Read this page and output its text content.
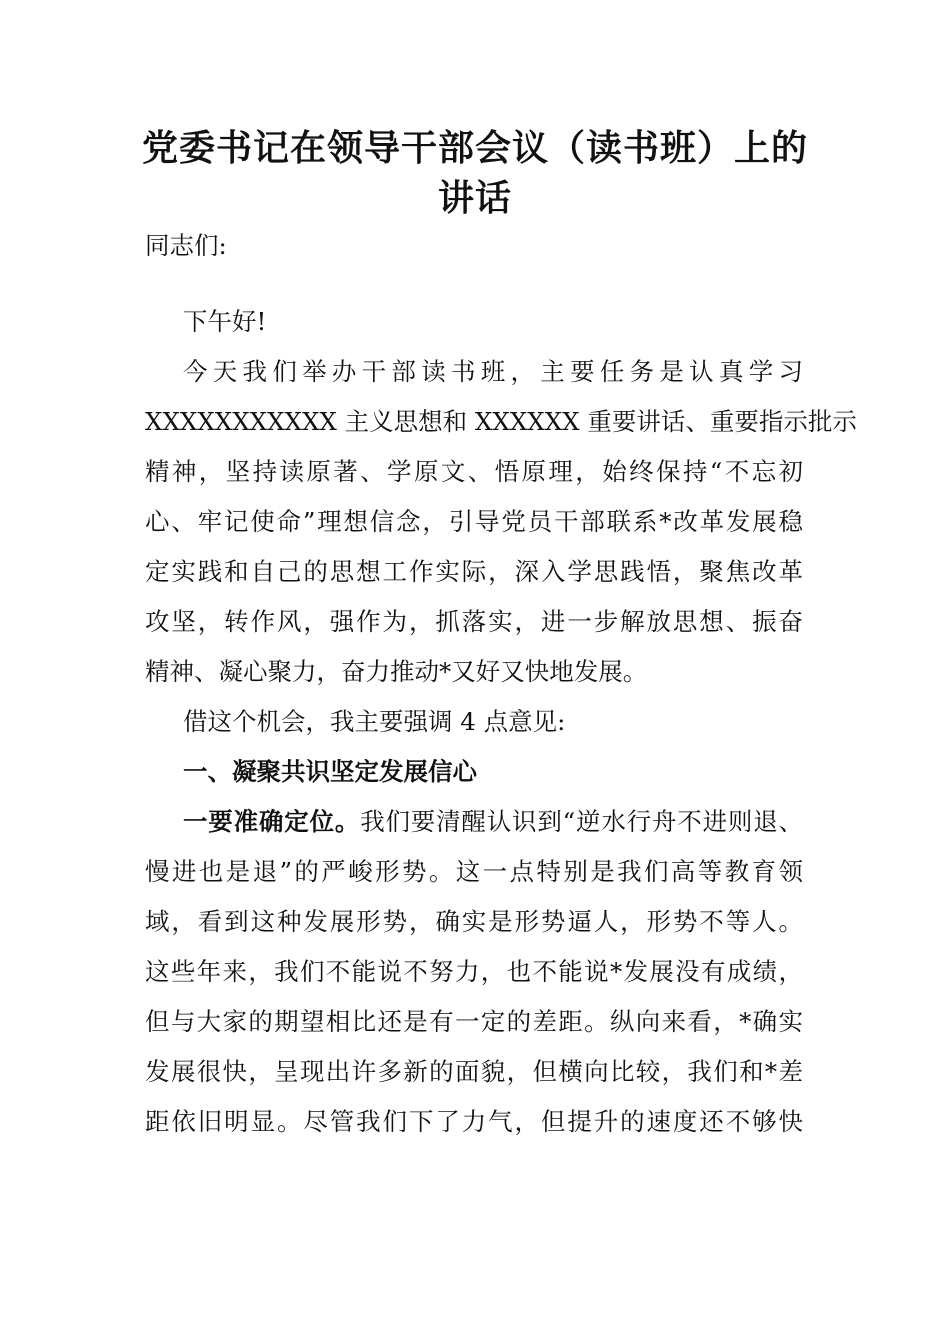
党委书记在领导干部会议（读书班）上的
讲话
同志们:
下午好!
今天我们举办干部读书班，主要任务是认真学习
XXXXXXXXXXX 主义思想和 XXXXXX 重要讲话、重要指示批示
精神，坚持读原著、学原文、悟原理，始终保持“不忘初
心、牢记使命”理想信念，引导党员干部联系*改革发展稳
定实践和自己的思想工作实际，深入学思践悟，聚焦改革
攻坚，转作风，强作为，抓落实，进一步解放思想、振奋
精神、凝心聚力，奋力推动*又好又快地发展。
借这个机会，我主要强调 4 点意见:
一、凝聚共识坚定发展信心
一要准确定位。我们要清醒认识到“逆水行舟不进则退、
慢进也是退”的严峻形势。这一点特别是我们高等教育领
域，看到这种发展形势，确实是形势逼人，形势不等人。
这些年来，我们不能说不努力，也不能说*发展没有成绩，
但与大家的期望相比还是有一定的差距。纵向来看，*确实
发展很快，呈现出许多新的面貌，但横向比较，我们和*差
距依旧明显。尽管我们下了力气，但提升的速度还不够快
